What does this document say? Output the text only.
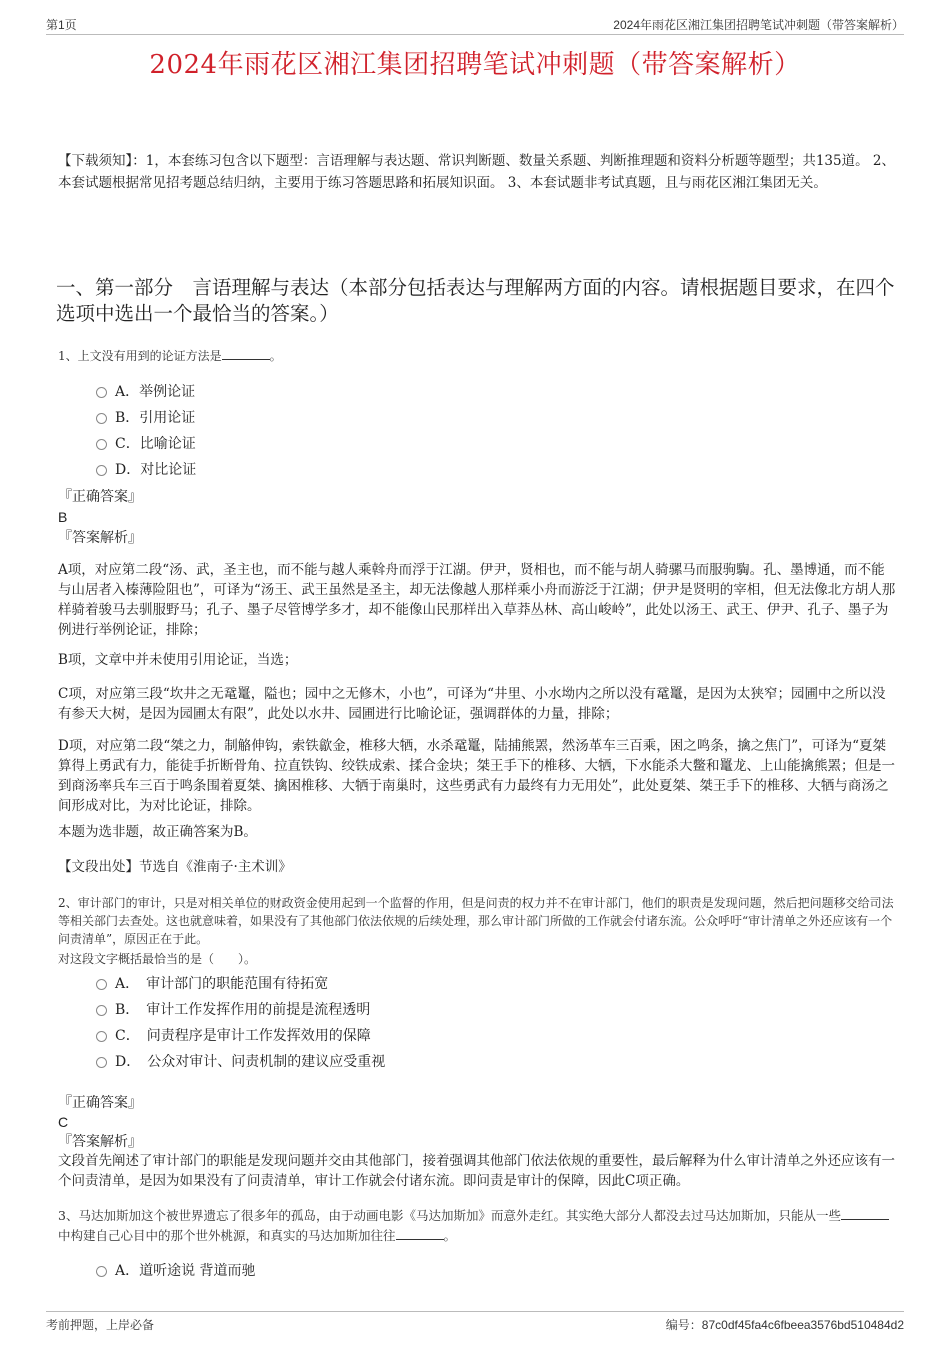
第1页	2024年雨花区湘江集团招聘笔试冲刺题（带答案解析）
2024年雨花区湘江集团招聘笔试冲刺题（带答案解析）
【下载须知】：1，本套练习包含以下题型：言语理解与表达题、常识判断题、数量关系题、判断推理题和资料分析题等题型；共135道。 2、本套试题根据常见招考题总结归纳，主要用于练习答题思路和拓展知识面。 3、本套试题非考试真题，且与雨花区湘江集团无关。
一、第一部分　言语理解与表达（本部分包括表达与理解两方面的内容。请根据题目要求，在四个选项中选出一个最恰当的答案。）
1、上文没有用到的论证方法是	。
A．举例论证
B．引用论证
C．比喻论证
D．对比论证
『正确答案』
B
『答案解析』
A项，对应第二段“汤、武，圣主也，而不能与越人乘斡舟而浮于江湖。伊尹，贤相也，而不能与胡人骑骡马而服驹騊。孔、墨博通，而不能与山居者入榛薄险阻也”，可译为“汤王、武王虽然是圣主，却无法像越人那样乘小舟而游泛于江湖；伊尹是贤明的宰相，但无法像北方胡人那样骑着骏马去驯服野马；孔子、墨子尽管博学多才，却不能像山民那样出入草莽丛林、高山峻岭”，此处以汤王、武王、伊尹、孔子、墨子为例进行举例论证，排除；
B项，文章中并未使用引用论证，当选；
C项，对应第三段“坎井之无鼋鼍，隘也；园中之无修木，小也”，可译为“井里、小水坳内之所以没有鼋鼍，是因为太狭窄；园圃中之所以没有参天大树，是因为园圃太有限”，此处以水井、园圃进行比喻论证，强调群体的力量，排除；
D项，对应第二段“桀之力，制觡伸钩，索铁歙金，椎移大牺，水杀鼋鼍，陆捕熊罴，然汤革车三百乘，困之鸣条，擒之焦门”，可译为“夏桀算得上勇武有力，能徒手折断骨角、拉直铁钩、绞铁成索、揉合金块；桀王手下的椎移、大牺，下水能杀大鳖和鼍龙、上山能擒熊罴；但是一到商汤率兵车三百于鸣条围着夏桀、擒困椎移、大牺于南巢时，这些勇武有力最终有力无用处”，此处夏桀、桀王手下的椎移、大牺与商汤之间形成对比，为对比论证，排除。
本题为选非题，故正确答案为B。
【文段出处】节选自《淮南子·主术训》
2、审计部门的审计，只是对相关单位的财政资金使用起到一个监督的作用，但是问责的权力并不在审计部门，他们的职责是发现问题，然后把问题移交给司法等相关部门去查处。这也就意味着，如果没有了其他部门依法依规的后续处理，那么审计部门所做的工作就会付诸东流。公众呼吁“审计清单之外还应该有一个问责清单”，原因正在于此。
对这段文字概括最恰当的是（　　）。
A．　审计部门的职能范围有待拓宽
B．　审计工作发挥作用的前提是流程透明
C．　问责程序是审计工作发挥效用的保障
D．　公众对审计、问责机制的建议应受重视
『正确答案』
C
『答案解析』
文段首先阐述了审计部门的职能是发现问题并交由其他部门，接着强调其他部门依法依规的重要性，最后解释为什么审计清单之外还应该有一个问责清单，是因为如果没有了问责清单，审计工作就会付诸东流。即问责是审计的保障，因此C项正确。
3、马达加斯加这个被世界遗忘了很多年的孤岛，由于动画电影《马达加斯加》而意外走红。其实绝大部分人都没去过马达加斯加，只能从一些中构建自己心目中的那个世外桃源，和真实的马达加斯加往往	。
A．道听途说 背道而驰
考前押题，上岸必备	编号：87c0df45fa4c6fbeea3576bd510484d2
